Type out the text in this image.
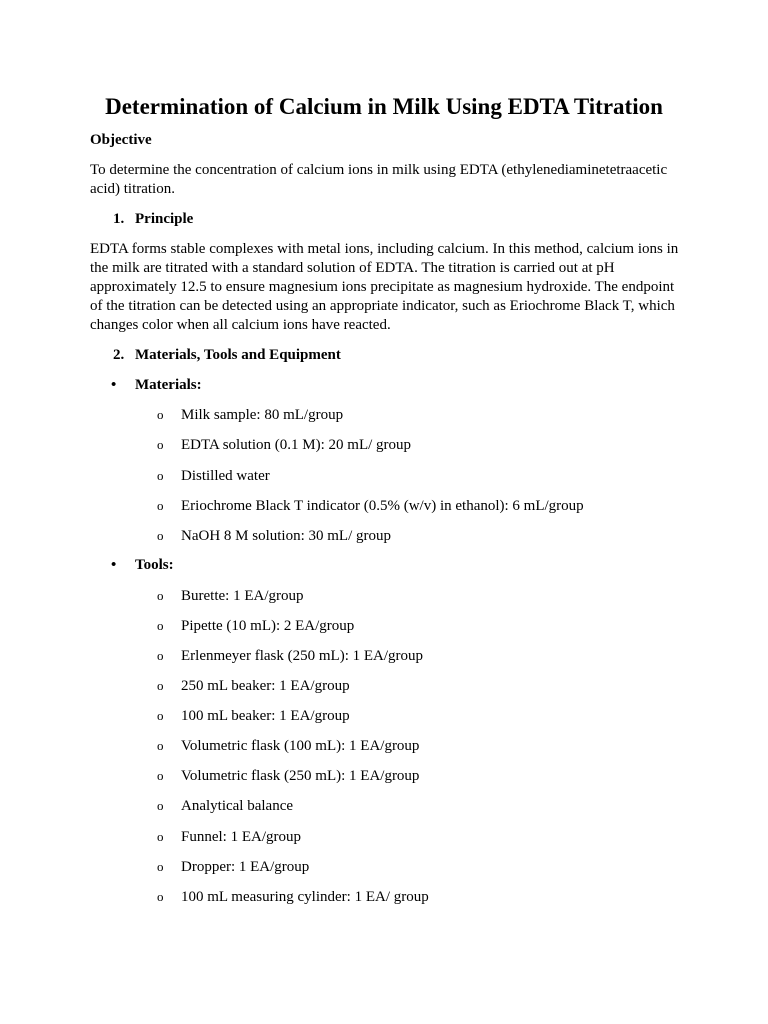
Determination of Calcium in Milk Using EDTA Titration

Objective

To determine the concentration of calcium ions in milk using EDTA (ethylenediaminetetraacetic acid) titration.

1. Principle

EDTA forms stable complexes with metal ions, including calcium. In this method, calcium ions in the milk are titrated with a standard solution of EDTA. The titration is carried out at pH approximately 12.5 to ensure magnesium ions precipitate as magnesium hydroxide. The endpoint of the titration can be detected using an appropriate indicator, such as Eriochrome Black T, which changes color when all calcium ions have reacted.

2. Materials, Tools and Equipment

• Materials:

o Milk sample: 80 mL/group

o EDTA solution (0.1 M): 20 mL/ group

o Distilled water

o Eriochrome Black T indicator (0.5% (w/v) in ethanol): 6 mL/group

o NaOH 8 M solution: 30 mL/ group

• Tools:

o Burette: 1 EA/group

o Pipette (10 mL): 2 EA/group

o Erlenmeyer flask (250 mL): 1 EA/group

o 250 mL beaker: 1 EA/group

o 100 mL beaker: 1 EA/group

o Volumetric flask (100 mL): 1 EA/group

o Volumetric flask (250 mL): 1 EA/group

o Analytical balance

o Funnel: 1 EA/group

o Dropper: 1 EA/group

o 100 mL measuring cylinder: 1 EA/ group
